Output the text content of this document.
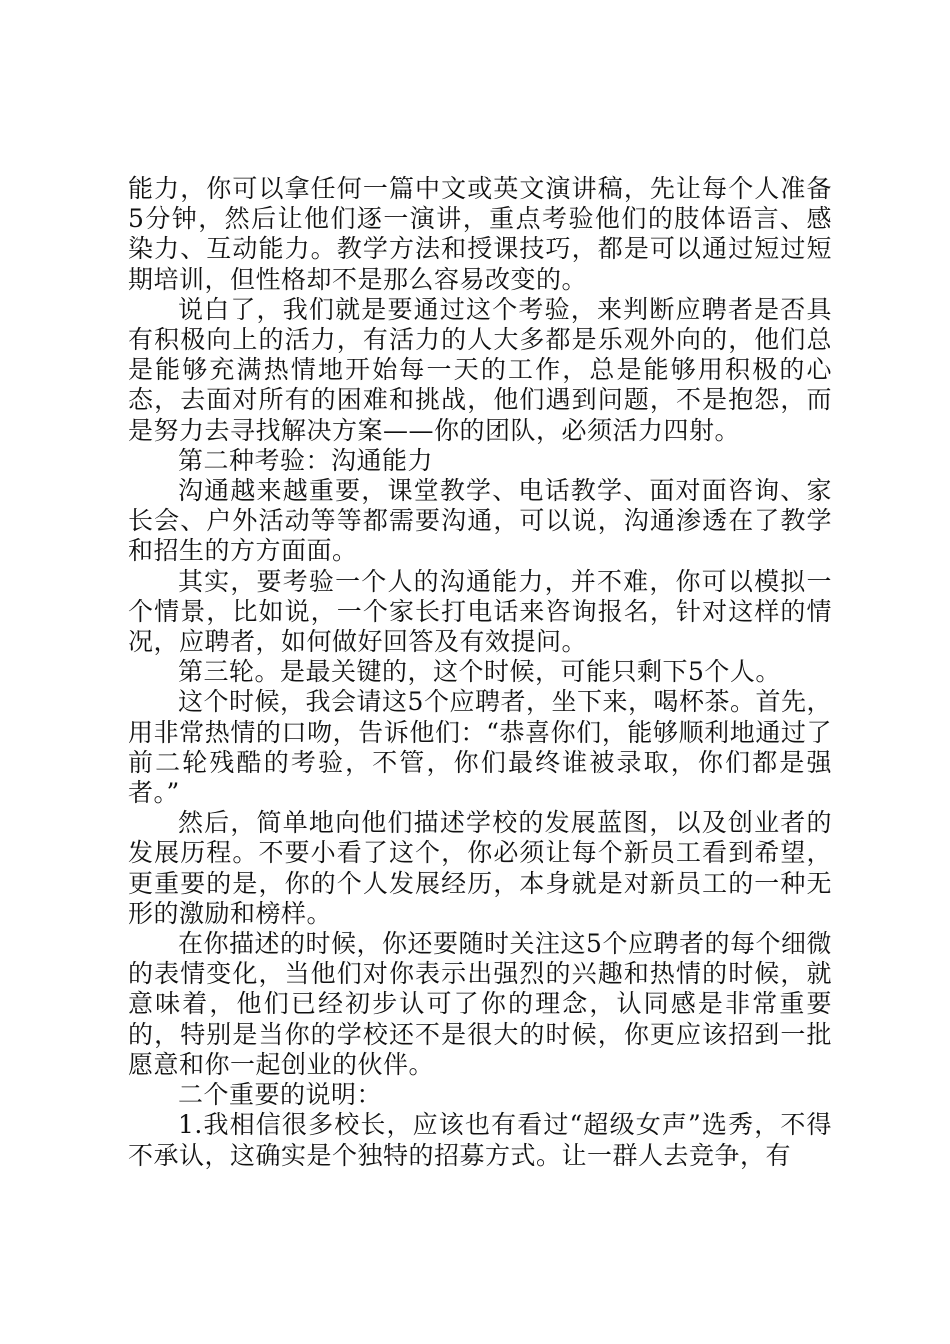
能力，你可以拿任何一篇中文或英文演讲稿，先让每个人准备5分钟，然后让他们逐一演讲，重点考验他们的肢体语言、感染力、互动能力。教学方法和授课技巧，都是可以通过短过短期培训，但性格却不是那么容易改变的。

说白了，我们就是要通过这个考验，来判断应聘者是否具有积极向上的活力，有活力的人大多都是乐观外向的，他们总是能够充满热情地开始每一天的工作，总是能够用积极的心态，去面对所有的困难和挑战，他们遇到问题，不是抱怨，而是努力去寻找解决方案——你的团队，必须活力四射。

第二种考验：沟通能力

沟通越来越重要，课堂教学、电话教学、面对面咨询、家长会、户外活动等等都需要沟通，可以说，沟通渗透在了教学和招生的方方面面。

其实，要考验一个人的沟通能力，并不难，你可以模拟一个情景，比如说，一个家长打电话来咨询报名，针对这样的情况，应聘者，如何做好回答及有效提问。

第三轮。是最关键的，这个时候，可能只剩下5个人。

这个时候，我会请这5个应聘者，坐下来，喝杯茶。首先，用非常热情的口吻，告诉他们：“恭喜你们，能够顺利地通过了前二轮残酷的考验，不管，你们最终谁被录取，你们都是强者。”

然后，简单地向他们描述学校的发展蓝图，以及创业者的发展历程。不要小看了这个，你必须让每个新员工看到希望，更重要的是，你的个人发展经历，本身就是对新员工的一种无形的激励和榜样。

在你描述的时候，你还要随时关注这5个应聘者的每个细微的表情变化，当他们对你表示出强烈的兴趣和热情的时候，就意味着，他们已经初步认可了你的理念，认同感是非常重要的，特别是当你的学校还不是很大的时候，你更应该招到一批愿意和你一起创业的伙伴。

二个重要的说明：

1.我相信很多校长，应该也有看过“超级女声”选秀，不得不承认，这确实是个独特的招募方式。让一群人去竞争，有
